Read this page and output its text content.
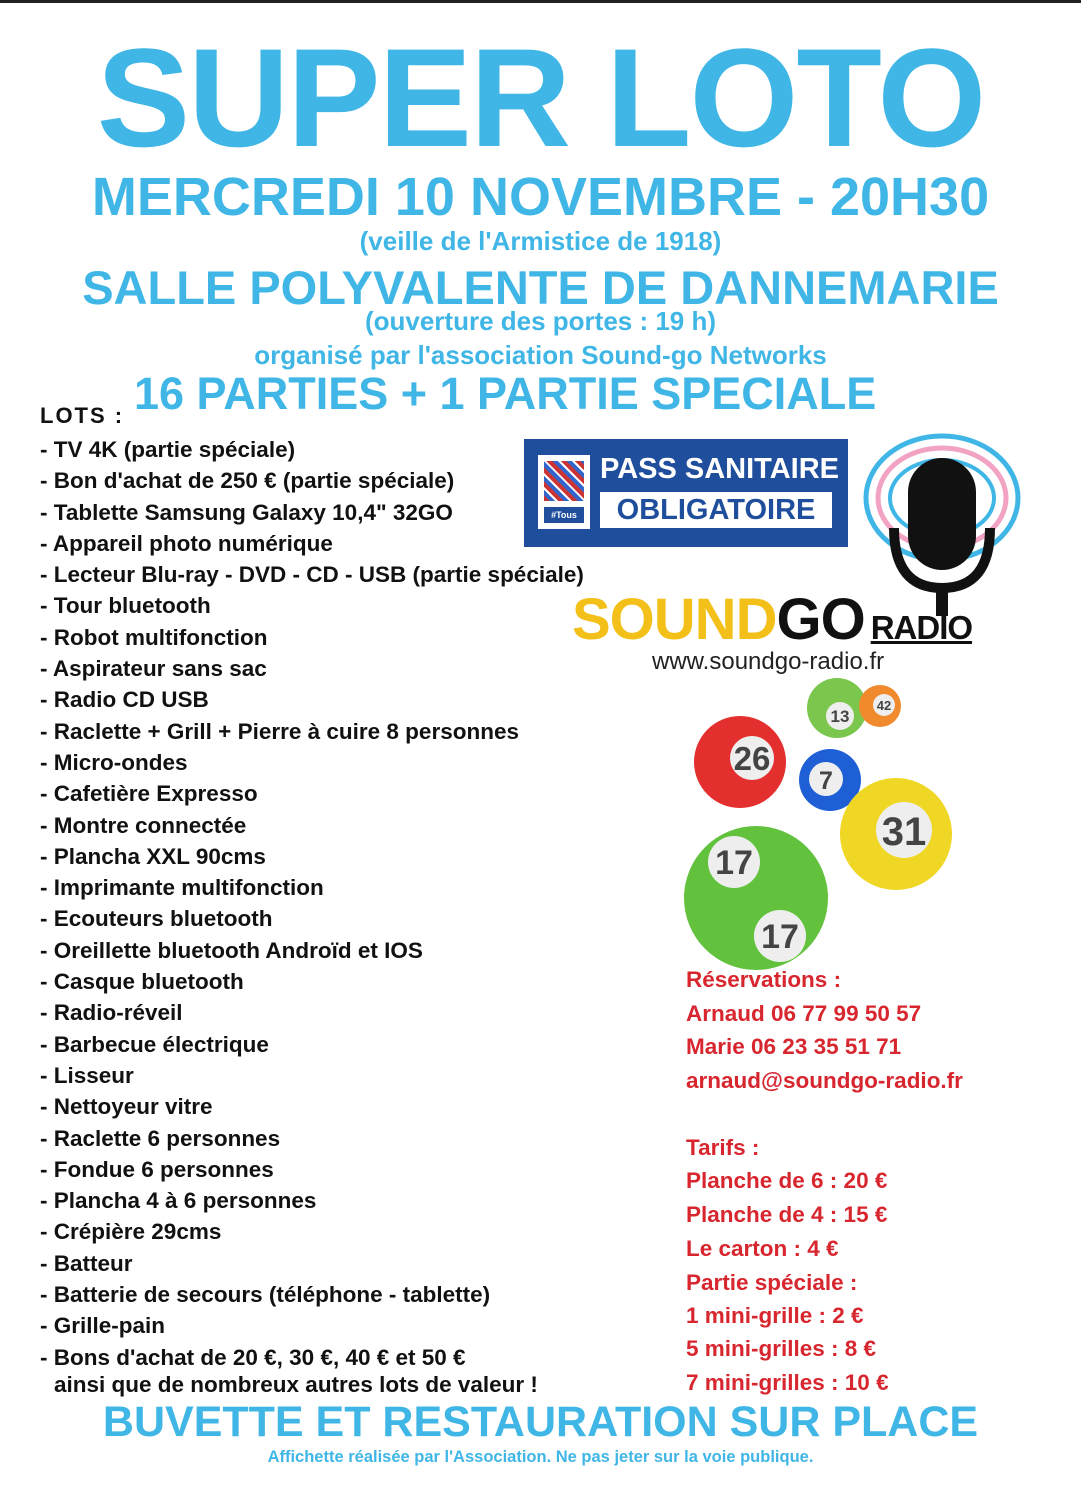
SUPER LOTO
MERCREDI 10 NOVEMBRE - 20H30
(veille de l'Armistice de 1918)
SALLE POLYVALENTE DE DANNEMARIE
(ouverture des portes : 19 h)
organisé par l'association Sound-go Networks
16 PARTIES + 1 PARTIE SPECIALE
LOTS :
- TV 4K (partie spéciale)
- Bon d'achat de 250 € (partie spéciale)
- Tablette Samsung Galaxy 10,4" 32GO
- Appareil photo numérique
- Lecteur Blu-ray - DVD - CD - USB (partie spéciale)
- Tour bluetooth
- Robot multifonction
- Aspirateur sans sac
- Radio CD USB
- Raclette + Grill + Pierre à cuire 8 personnes
- Micro-ondes
- Cafetière Expresso
- Montre connectée
- Plancha XXL 90cms
- Imprimante multifonction
- Ecouteurs bluetooth
- Oreillette bluetooth Androïd et IOS
- Casque bluetooth
- Radio-réveil
- Barbecue électrique
- Lisseur
- Nettoyeur vitre
- Raclette 6 personnes
- Fondue 6 personnes
- Plancha 4 à 6 personnes
- Crépière 29cms
- Batteur
- Batterie de secours (téléphone - tablette)
- Grille-pain
- Bons d'achat de 20 €, 30 €, 40 € et 50 €
ainsi que de nombreux autres lots de valeur !
#Tous
PASS SANITAIRE
OBLIGATOIRE
SOUNDGO RADIO
www.soundgo-radio.fr
13
42
26
7
31
17
17
Réservations :
Arnaud 06 77 99 50 57
Marie 06 23 35 51 71
arnaud@soundgo-radio.fr
Tarifs :
Planche de 6 : 20 €
Planche de 4 : 15 €
Le carton : 4 €
Partie spéciale :
1 mini-grille : 2 €
5 mini-grilles : 8 €
7 mini-grilles : 10 €
BUVETTE ET RESTAURATION SUR PLACE
Affichette réalisée par l'Association. Ne pas jeter sur la voie publique.
